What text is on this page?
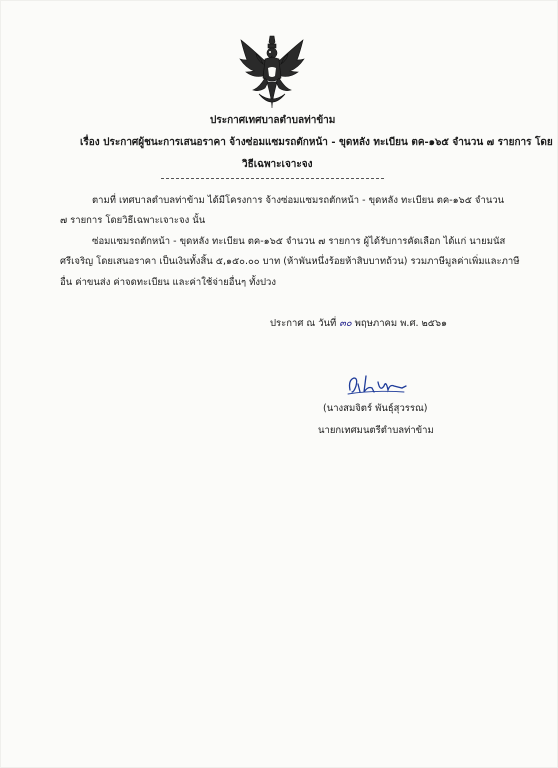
ประกาศเทศบาลตำบลท่าข้าม
เรื่อง ประกาศผู้ชนะการเสนอราคา จ้างซ่อมแซมรถตักหน้า - ขุดหลัง ทะเบียน ตค-๑๖๕ จำนวน ๗ รายการ โดย
วิธีเฉพาะเจาะจง
ตามที่ เทศบาลตำบลท่าข้าม ได้มีโครงการ จ้างซ่อมแซมรถตักหน้า - ขุดหลัง ทะเบียน ตค-๑๖๕ จำนวน
๗ รายการ โดยวิธีเฉพาะเจาะจง นั้น
ซ่อมแซมรถตักหน้า - ขุดหลัง ทะเบียน ตค-๑๖๕ จำนวน ๗ รายการ ผู้ได้รับการคัดเลือก ได้แก่ นายมนัส
ศรีเจริญ โดยเสนอราคา เป็นเงินทั้งสิ้น ๕,๑๕๐.๐๐ บาท (ห้าพันหนึ่งร้อยห้าสิบบาทถ้วน) รวมภาษีมูลค่าเพิ่มและภาษี
อื่น ค่าขนส่ง ค่าจดทะเบียน และค่าใช้จ่ายอื่นๆ ทั้งปวง
ประกาศ ณ วันที่ ๓๐ พฤษภาคม พ.ศ. ๒๕๖๑
(นางสมจิตร์ พันธุ์สุวรรณ)
นายกเทศมนตรีตำบลท่าข้าม
